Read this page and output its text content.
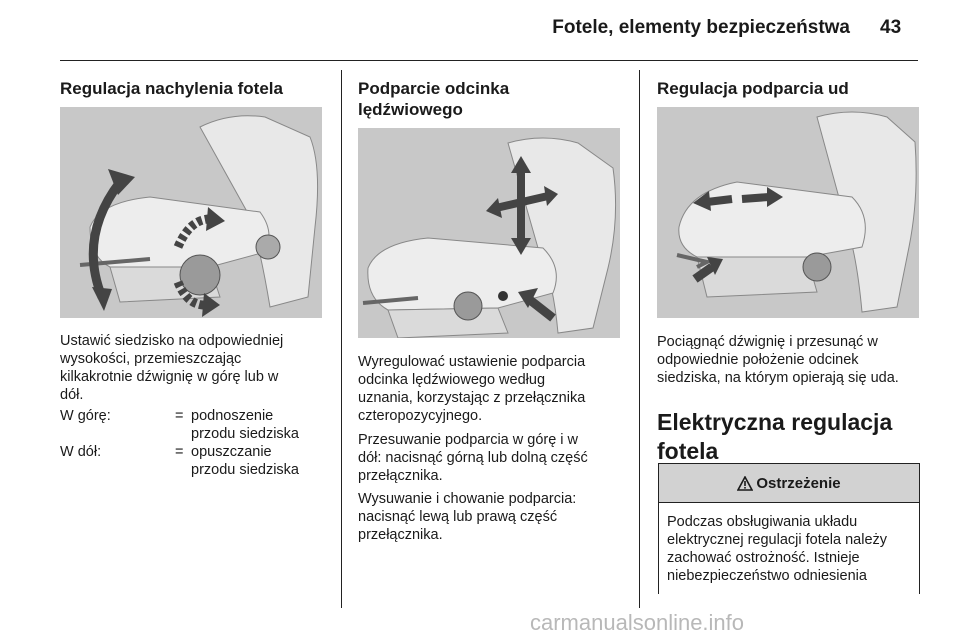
Fotele, elementy bezpieczeństwa 43
Regulacja nachylenia fotela

Ustawić siedzisko na odpowiedniej
wysokości, przemieszczając
kilkakrotnie dźwignię w górę lub w
dół.

W górę:	= podnoszenie
przodu siedziska
W dół:	= opuszczanie
przodu siedziska
Podparcie odcinka
lędźwiowego

Wyregulować ustawienie podparcia
odcinka lędźwiowego według
uznania, korzystając z przełącznika
czteropozycyjnego.

Przesuwanie podparcia w górę i w
dół: nacisnąć górną lub dolną część
przełącznika.

Wysuwanie i chowanie podparcia:
nacisnąć lewą lub prawą część
przełącznika.

Regulacja podparcia ud

Pociągnąć dźwignię i przesunąć w
odpowiednie położenie odcinek
siedziska, na którym opierają się uda.

Elektryczna regulacja
fotela
Ostrzeżenie
Podczas obsługiwania układu
elektrycznej regulacji fotela należy
zachować ostrożność. Istnieje
niebezpieczeństwo odniesienia
carmanualsonline.info
